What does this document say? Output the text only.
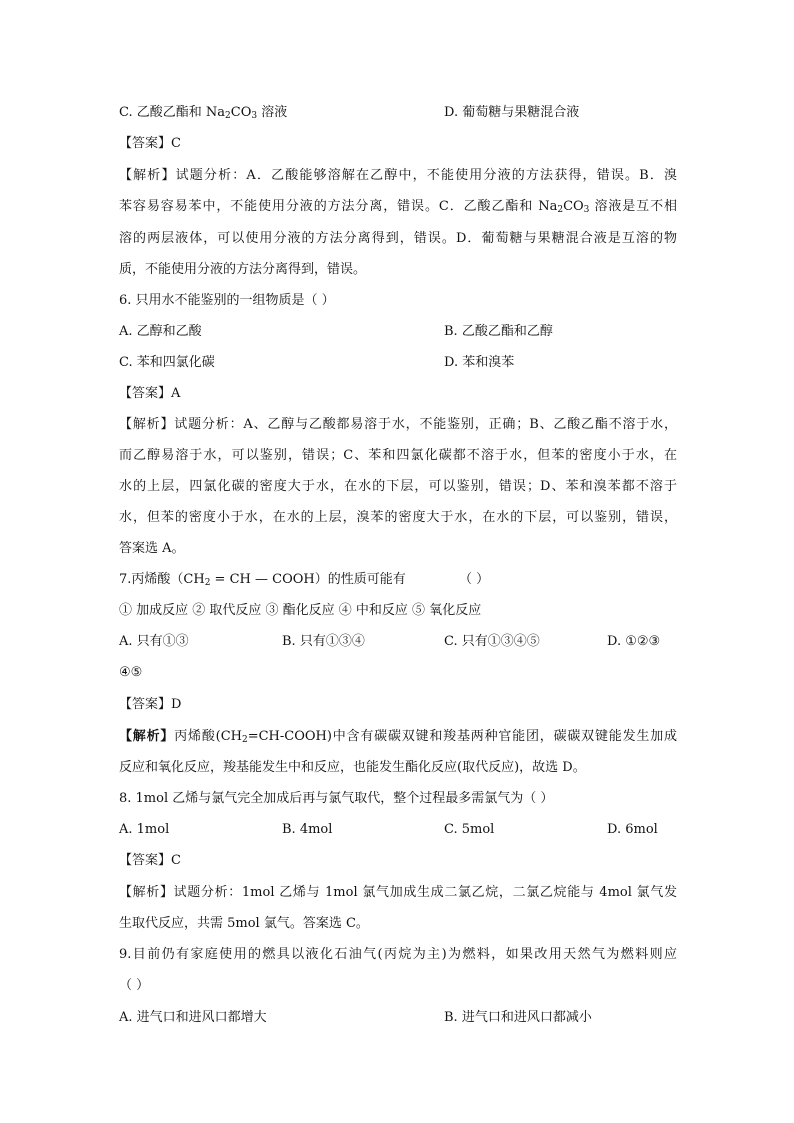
C. 乙酸乙酯和 $Na_2CO_3$ 溶液	D. 葡萄糖与果糖混合液
【答案】C
【解析】试题分析：A．乙酸能够溶解在乙醇中，不能使用分液的方法获得，错误。B．溴
苯容易容易苯中，不能使用分液的方法分离，错误。C．乙酸乙酯和 $Na_2CO_3$ 溶液是互不相
溶的两层液体，可以使用分液的方法分离得到，错误。D．葡萄糖与果糖混合液是互溶的物
质，不能使用分液的方法分离得到，错误。
6. 只用水不能鉴别的一组物质是（ ）
A. 乙醇和乙酸	B. 乙酸乙酯和乙醇
C. 苯和四氯化碳	D. 苯和溴苯
【答案】A
【解析】试题分析：A、乙醇与乙酸都易溶于水，不能鉴别，正确；B、乙酸乙酯不溶于水，
而乙醇易溶于水，可以鉴别，错误；C、苯和四氯化碳都不溶于水，但苯的密度小于水，在
水的上层，四氯化碳的密度大于水，在水的下层，可以鉴别，错误；D、苯和溴苯都不溶于
水，但苯的密度小于水，在水的上层，溴苯的密度大于水，在水的下层，可以鉴别，错误，
答案选 A。
7.丙烯酸（$CH_2$ = CH — COOH）的性质可能有	（ ）
① 加成反应 ② 取代反应 ③ 酯化反应 ④ 中和反应 ⑤ 氧化反应
A. 只有①③	B. 只有①③④	C. 只有①③④⑤	D. ①②③
④⑤
【答案】D
【解析】丙烯酸$(CH_2=CH-COOH)$中含有碳碳双键和羧基两种官能团，碳碳双键能发生加成
反应和氧化反应，羧基能发生中和反应，也能发生酯化反应(取代反应)，故选 D。
8. 1mol 乙烯与氯气完全加成后再与氯气取代，整个过程最多需氯气为（ ）
A. 1mol	B. 4mol	C. 5mol	D. 6mol
【答案】C
【解析】试题分析：1mol 乙烯与 1mol 氯气加成生成二氯乙烷，二氯乙烷能与 4mol 氯气发
生取代反应，共需 5mol 氯气。答案选 C。
9.目前仍有家庭使用的燃具以液化石油气(丙烷为主)为燃料，如果改用天然气为燃料则应
（ ）
A. 进气口和进风口都增大	B. 进气口和进风口都减小
